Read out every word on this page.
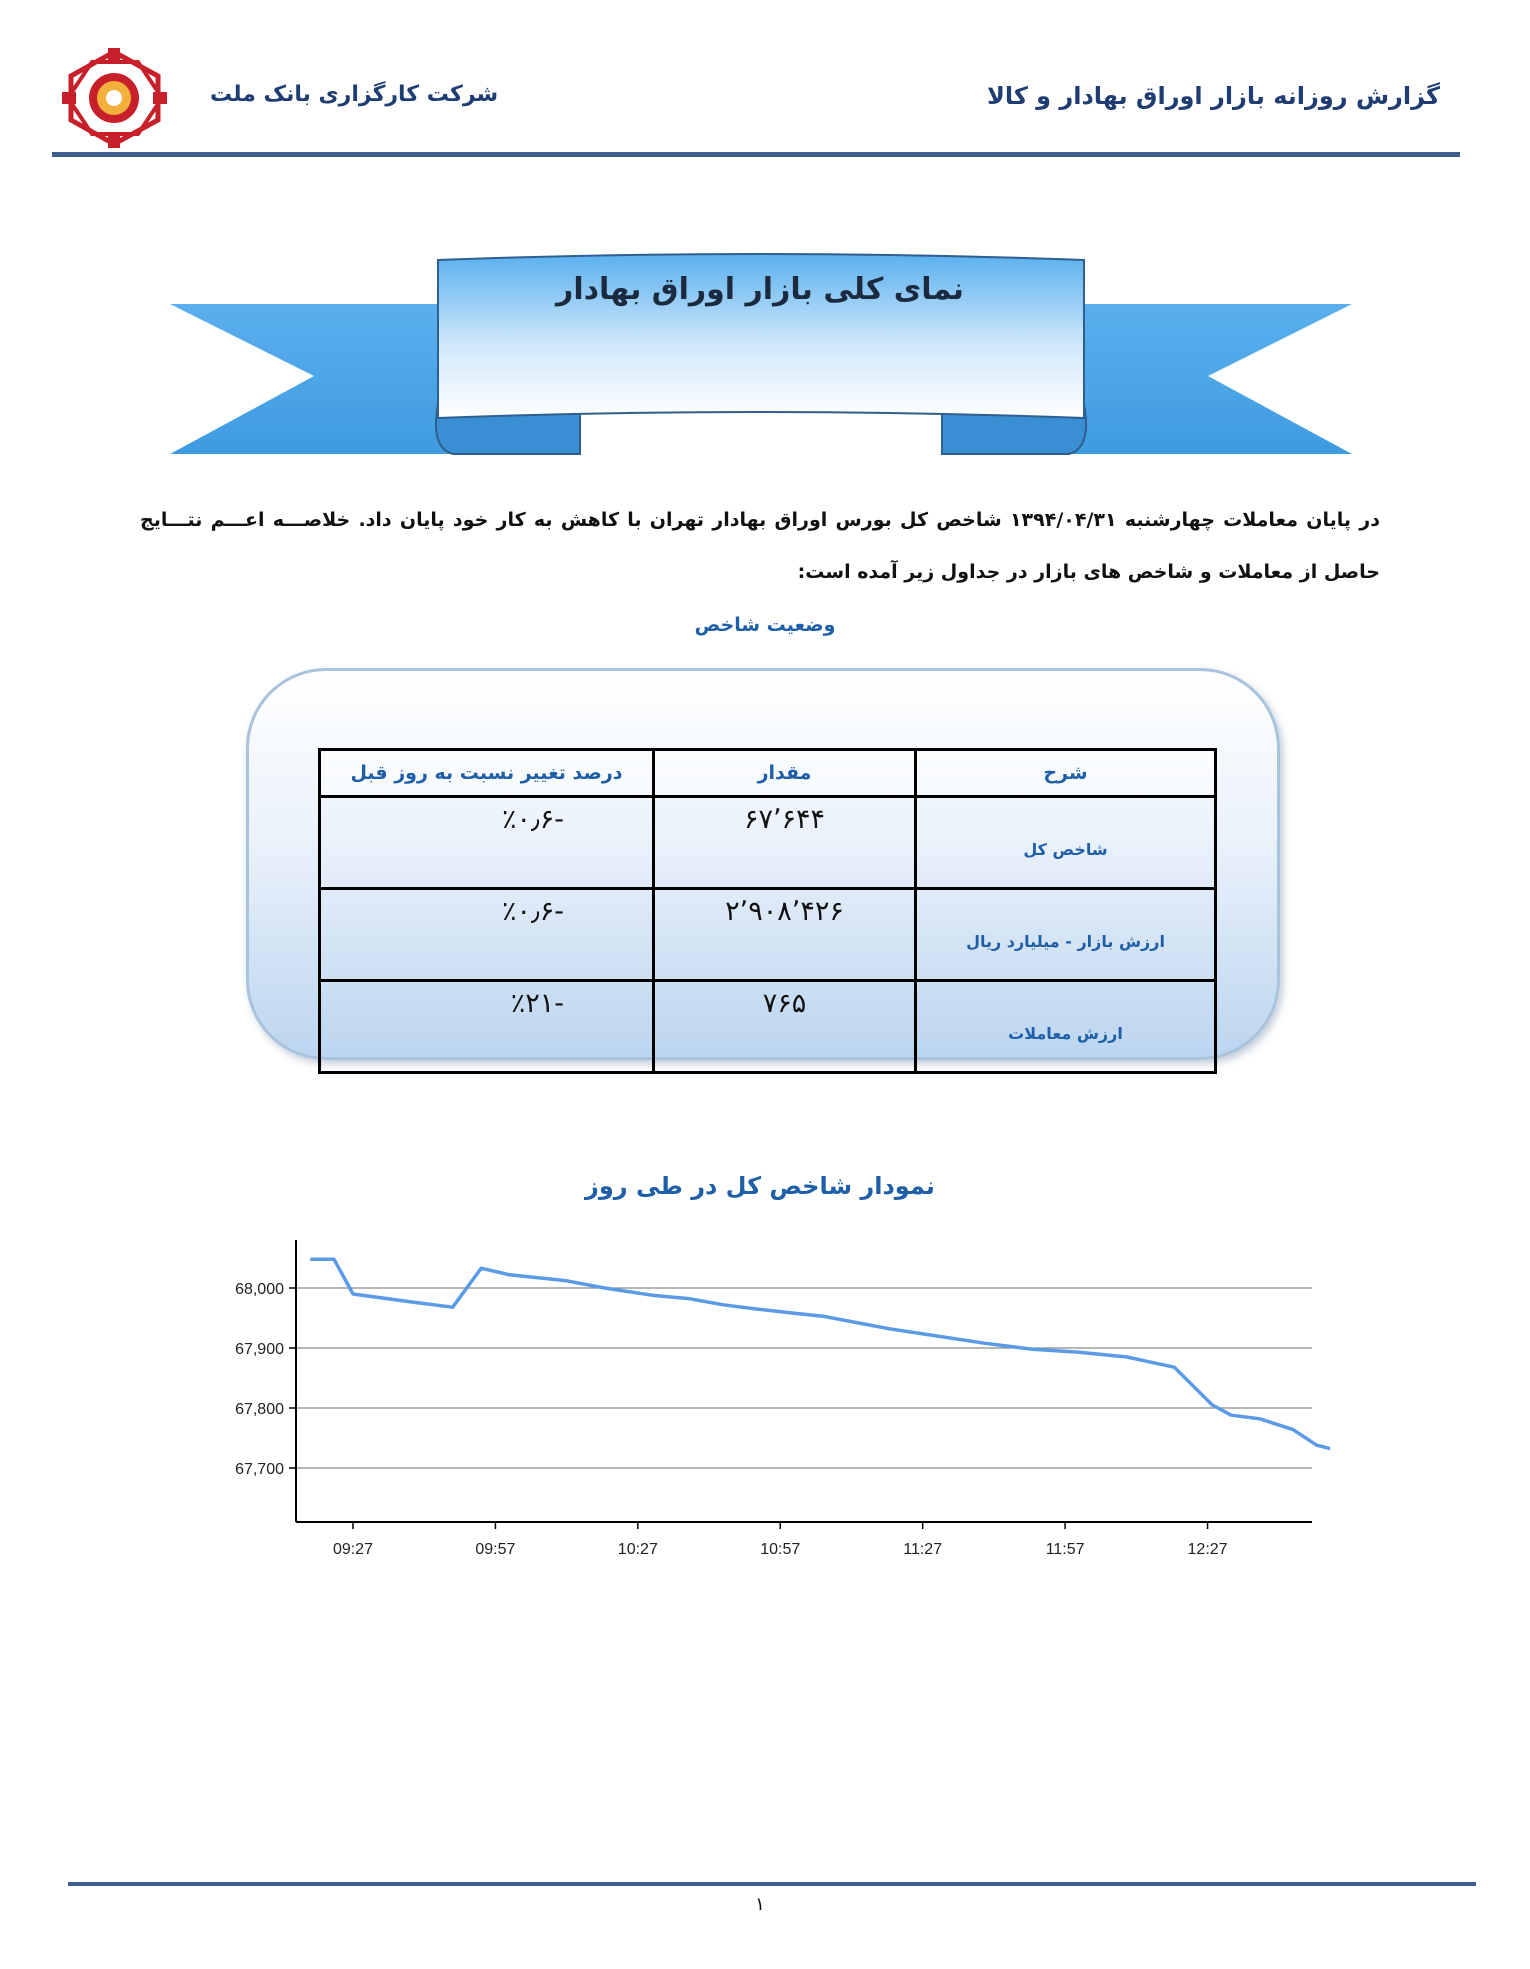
گزارش روزانه بازار اوراق بهادار و کالا
شرکت کارگزاری بانک ملت
نمای کلی بازار اوراق بهادار
در پایان معاملات چهارشنبه ۱۳۹۴/۰۴/۳۱ شاخص کل بورس اوراق بهادار تهران با کاهش به کار خود پایان داد. خلاصـــه اعـــم نتـــایج حاصل از معاملات و شاخص های بازار در جداول زیر آمده است:
وضعیت شاخص
شرح	مقدار	درصد تغییر نسبت به روز قبل
شاخص کل	۶۷٬۶۴۴	-٪۰٫۶
ارزش بازار - میلیارد ریال	۲٬۹۰۸٬۴۲۶	-٪۰٫۶
ارزش معاملات	۷۶۵	-٪۲۱
نمودار شاخص کل در طی روز
67,700
67,800
67,900
68,000
09:27	09:57	10:27	10:57	11:27	11:57	12:27
۱
